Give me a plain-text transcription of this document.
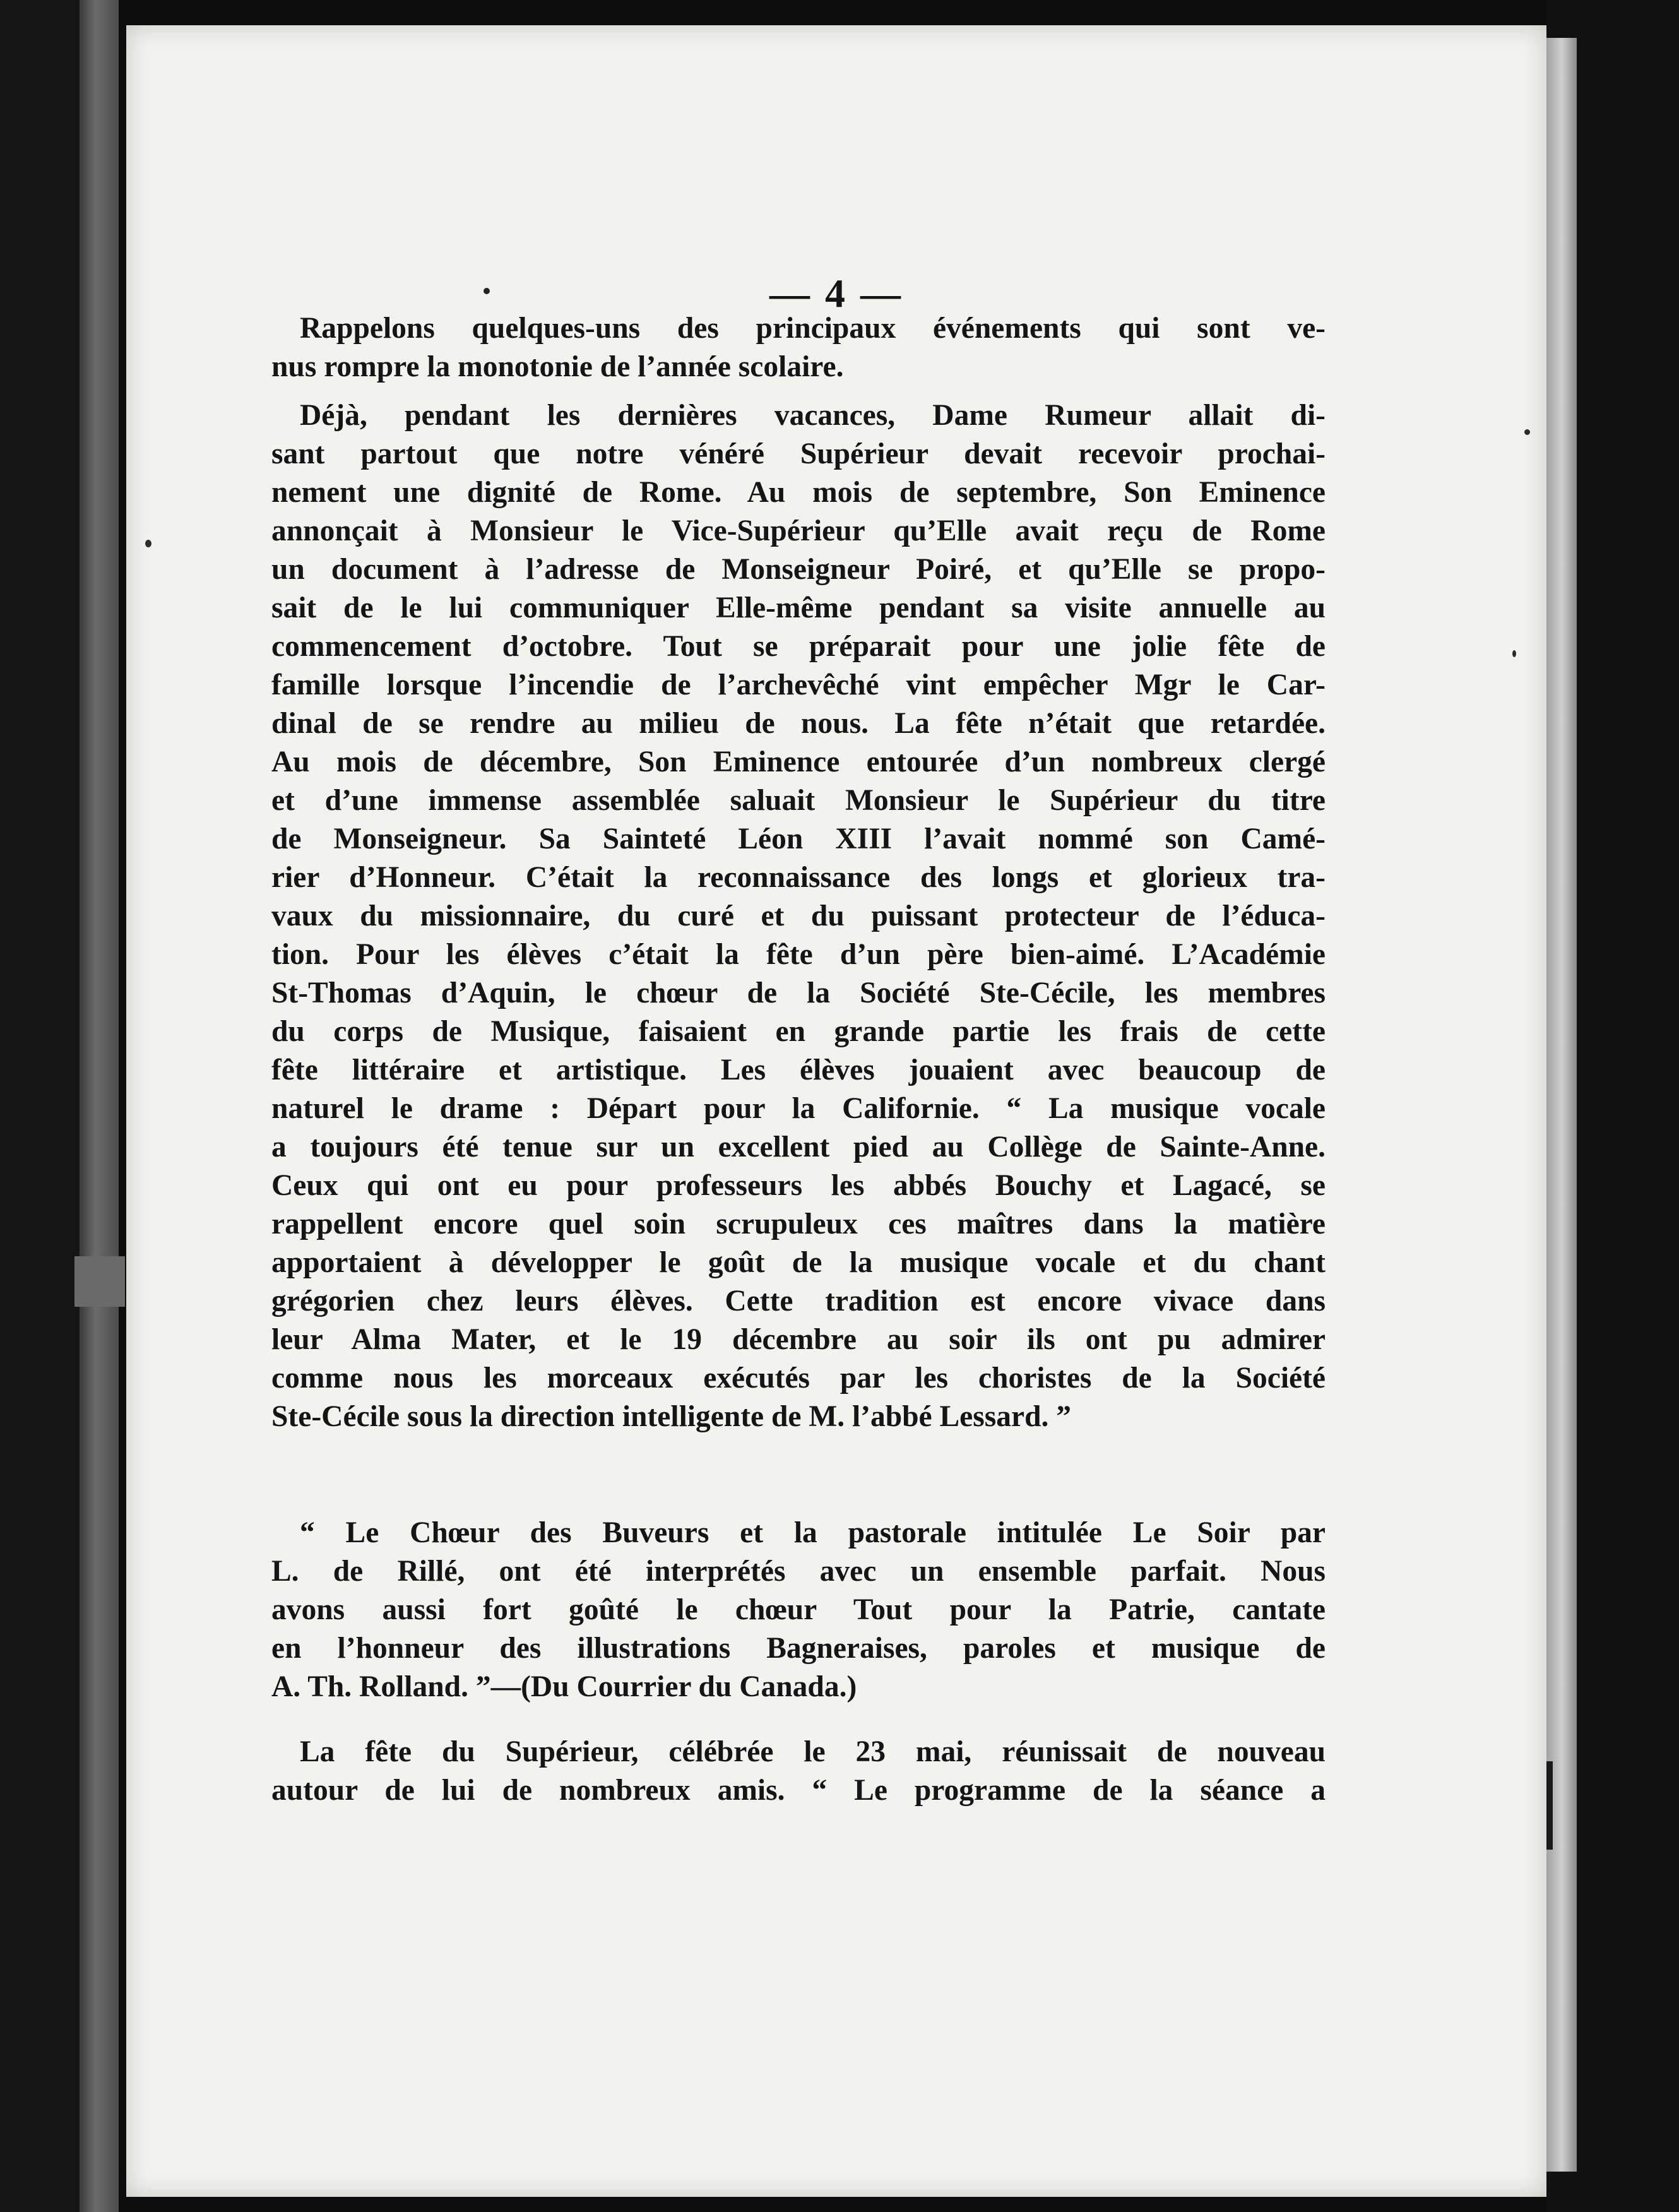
— 4 —
Rappelons quelques-uns des principaux événements qui sont ve-
nus rompre la monotonie de l’année scolaire.
Déjà, pendant les dernières vacances, Dame Rumeur allait di-
sant partout que notre vénéré Supérieur devait recevoir prochai-
nement une dignité de Rome. Au mois de septembre, Son Eminence
annonçait à Monsieur le Vice-Supérieur qu’Elle avait reçu de Rome
un document à l’adresse de Monseigneur Poiré, et qu’Elle se propo-
sait de le lui communiquer Elle-même pendant sa visite annuelle au
commencement d’octobre. Tout se préparait pour une jolie fête de
famille lorsque l’incendie de l’archevêché vint empêcher Mgr le Car-
dinal de se rendre au milieu de nous. La fête n’était que retardée.
Au mois de décembre, Son Eminence entourée d’un nombreux clergé
et d’une immense assemblée saluait Monsieur le Supérieur du titre
de Monseigneur. Sa Sainteté Léon XIII l’avait nommé son Camé-
rier d’Honneur. C’était la reconnaissance des longs et glorieux tra-
vaux du missionnaire, du curé et du puissant protecteur de l’éduca-
tion. Pour les élèves c’était la fête d’un père bien-aimé. L’Académie
St-Thomas d’Aquin, le chœur de la Société Ste-Cécile, les membres
du corps de Musique, faisaient en grande partie les frais de cette
fête littéraire et artistique. Les élèves jouaient avec beaucoup de
naturel le drame : Départ pour la Californie. “ La musique vocale
a toujours été tenue sur un excellent pied au Collège de Sainte-Anne.
Ceux qui ont eu pour professeurs les abbés Bouchy et Lagacé, se
rappellent encore quel soin scrupuleux ces maîtres dans la matière
apportaient à développer le goût de la musique vocale et du chant
grégorien chez leurs élèves. Cette tradition est encore vivace dans
leur Alma Mater, et le 19 décembre au soir ils ont pu admirer
comme nous les morceaux exécutés par les choristes de la Société
Ste-Cécile sous la direction intelligente de M. l’abbé Lessard. ”
“ Le Chœur des Buveurs et la pastorale intitulée Le Soir par
L. de Rillé, ont été interprétés avec un ensemble parfait. Nous
avons aussi fort goûté le chœur Tout pour la Patrie, cantate
en l’honneur des illustrations Bagneraises, paroles et musique de
A. Th. Rolland. ”—(Du Courrier du Canada.)
La fête du Supérieur, célébrée le 23 mai, réunissait de nouveau
autour de lui de nombreux amis. “ Le programme de la séance a
